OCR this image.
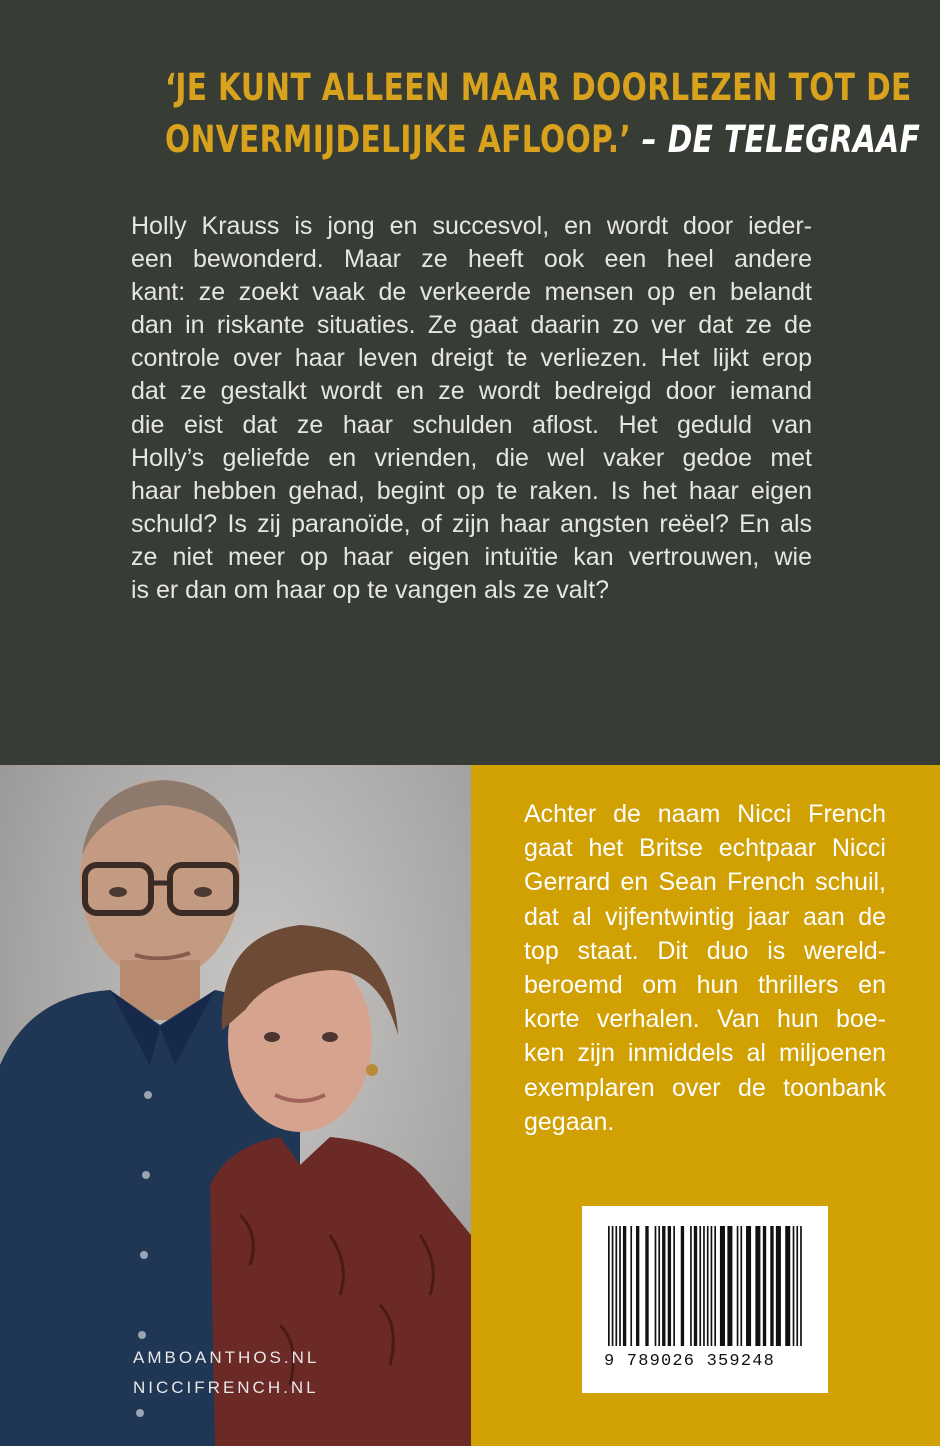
‘JE KUNT ALLEEN MAAR DOORLEZEN TOT DE
ONVERMIJDELIJKE AFLOOP.’ – DE TELEGRAAF
Holly Krauss is jong en succesvol, en wordt door ieder-
een bewonderd. Maar ze heeft ook een heel andere
kant: ze zoekt vaak de verkeerde mensen op en belandt
dan in riskante situaties. Ze gaat daarin zo ver dat ze de
controle over haar leven dreigt te verliezen. Het lijkt erop
dat ze gestalkt wordt en ze wordt bedreigd door iemand
die eist dat ze haar schulden aflost. Het geduld van
Holly’s geliefde en vrienden, die wel vaker gedoe met
haar hebben gehad, begint op te raken. Is het haar eigen
schuld? Is zij paranoïde, of zijn haar angsten reëel? En als
ze niet meer op haar eigen intuïtie kan vertrouwen, wie
is er dan om haar op te vangen als ze valt?
Achter de naam Nicci French
gaat het Britse echtpaar Nicci
Gerrard en Sean French schuil,
dat al vijfentwintig jaar aan de
top staat. Dit duo is wereld-
beroemd om hun thrillers en
korte verhalen. Van hun boe-
ken zijn inmiddels al miljoenen
exemplaren over de toonbank
gegaan.
9 789026 359248
AMBOANTHOS.NL
NICCIFRENCH.NL
